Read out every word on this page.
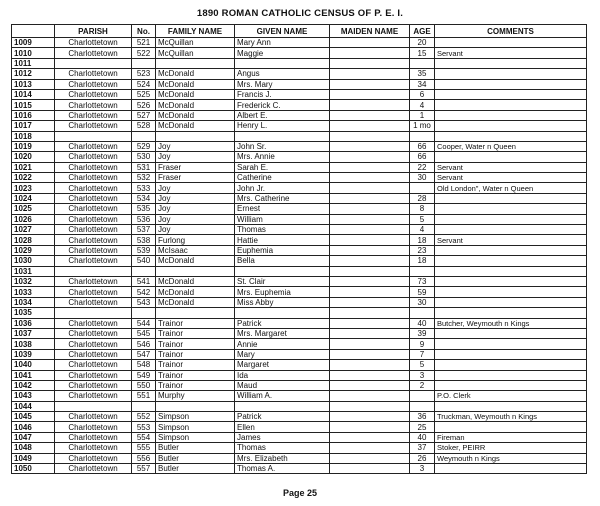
1890 ROMAN CATHOLIC CENSUS OF P. E. I.
	PARISH	No.	FAMILY NAME	GIVEN NAME	MAIDEN NAME	AGE	COMMENTS
1009	Charlottetown	521	McQuillan	Mary Ann		20	
1010	Charlottetown	522	McQuillan	Maggie		15	Servant
1011							
1012	Charlottetown	523	McDonald	Angus		35	
1013	Charlottetown	524	McDonald	Mrs. Mary		34	
1014	Charlottetown	525	McDonald	Francis J.		6	
1015	Charlottetown	526	McDonald	Frederick C.		4	
1016	Charlottetown	527	McDonald	Albert E.		1	
1017	Charlottetown	528	McDonald	Henry L.		1 mo	
1018							
1019	Charlottetown	529	Joy	John Sr.		66	Cooper, Water n Queen
1020	Charlottetown	530	Joy	Mrs. Annie		66	
1021	Charlottetown	531	Fraser	Sarah E.		22	Servant
1022	Charlottetown	532	Fraser	Catherine		30	Servant
1023	Charlottetown	533	Joy	John Jr.			Old London", Water n Queen
1024	Charlottetown	534	Joy	Mrs. Catherine		28	
1025	Charlottetown	535	Joy	Ernest		8	
1026	Charlottetown	536	Joy	William		5	
1027	Charlottetown	537	Joy	Thomas		4	
1028	Charlottetown	538	Furlong	Hattie		18	Servant
1029	Charlottetown	539	McIsaac	Euphemia		23	
1030	Charlottetown	540	McDonald	Bella		18	
1031							
1032	Charlottetown	541	McDonald	St. Clair		73	
1033	Charlottetown	542	McDonald	Mrs. Euphemia		59	
1034	Charlottetown	543	McDonald	Miss Abby		30	
1035							
1036	Charlottetown	544	Trainor	Patrick		40	Butcher, Weymouth n Kings
1037	Charlottetown	545	Trainor	Mrs. Margaret		39	
1038	Charlottetown	546	Trainor	Annie		9	
1039	Charlottetown	547	Trainor	Mary		7	
1040	Charlottetown	548	Trainor	Margaret		5	
1041	Charlottetown	549	Trainor	Ida		3	
1042	Charlottetown	550	Trainor	Maud		2	
1043	Charlottetown	551	Murphy	William A.			P.O. Clerk
1044							
1045	Charlottetown	552	Simpson	Patrick		36	Truckman, Weymouth n Kings
1046	Charlottetown	553	Simpson	Ellen		25	
1047	Charlottetown	554	Simpson	James		40	Fireman
1048	Charlottetown	555	Butler	Thomas		37	Stoker, PEIRR
1049	Charlottetown	556	Butler	Mrs. Elizabeth		26	Weymouth n Kings
1050	Charlottetown	557	Butler	Thomas A.		3	
Page 25
